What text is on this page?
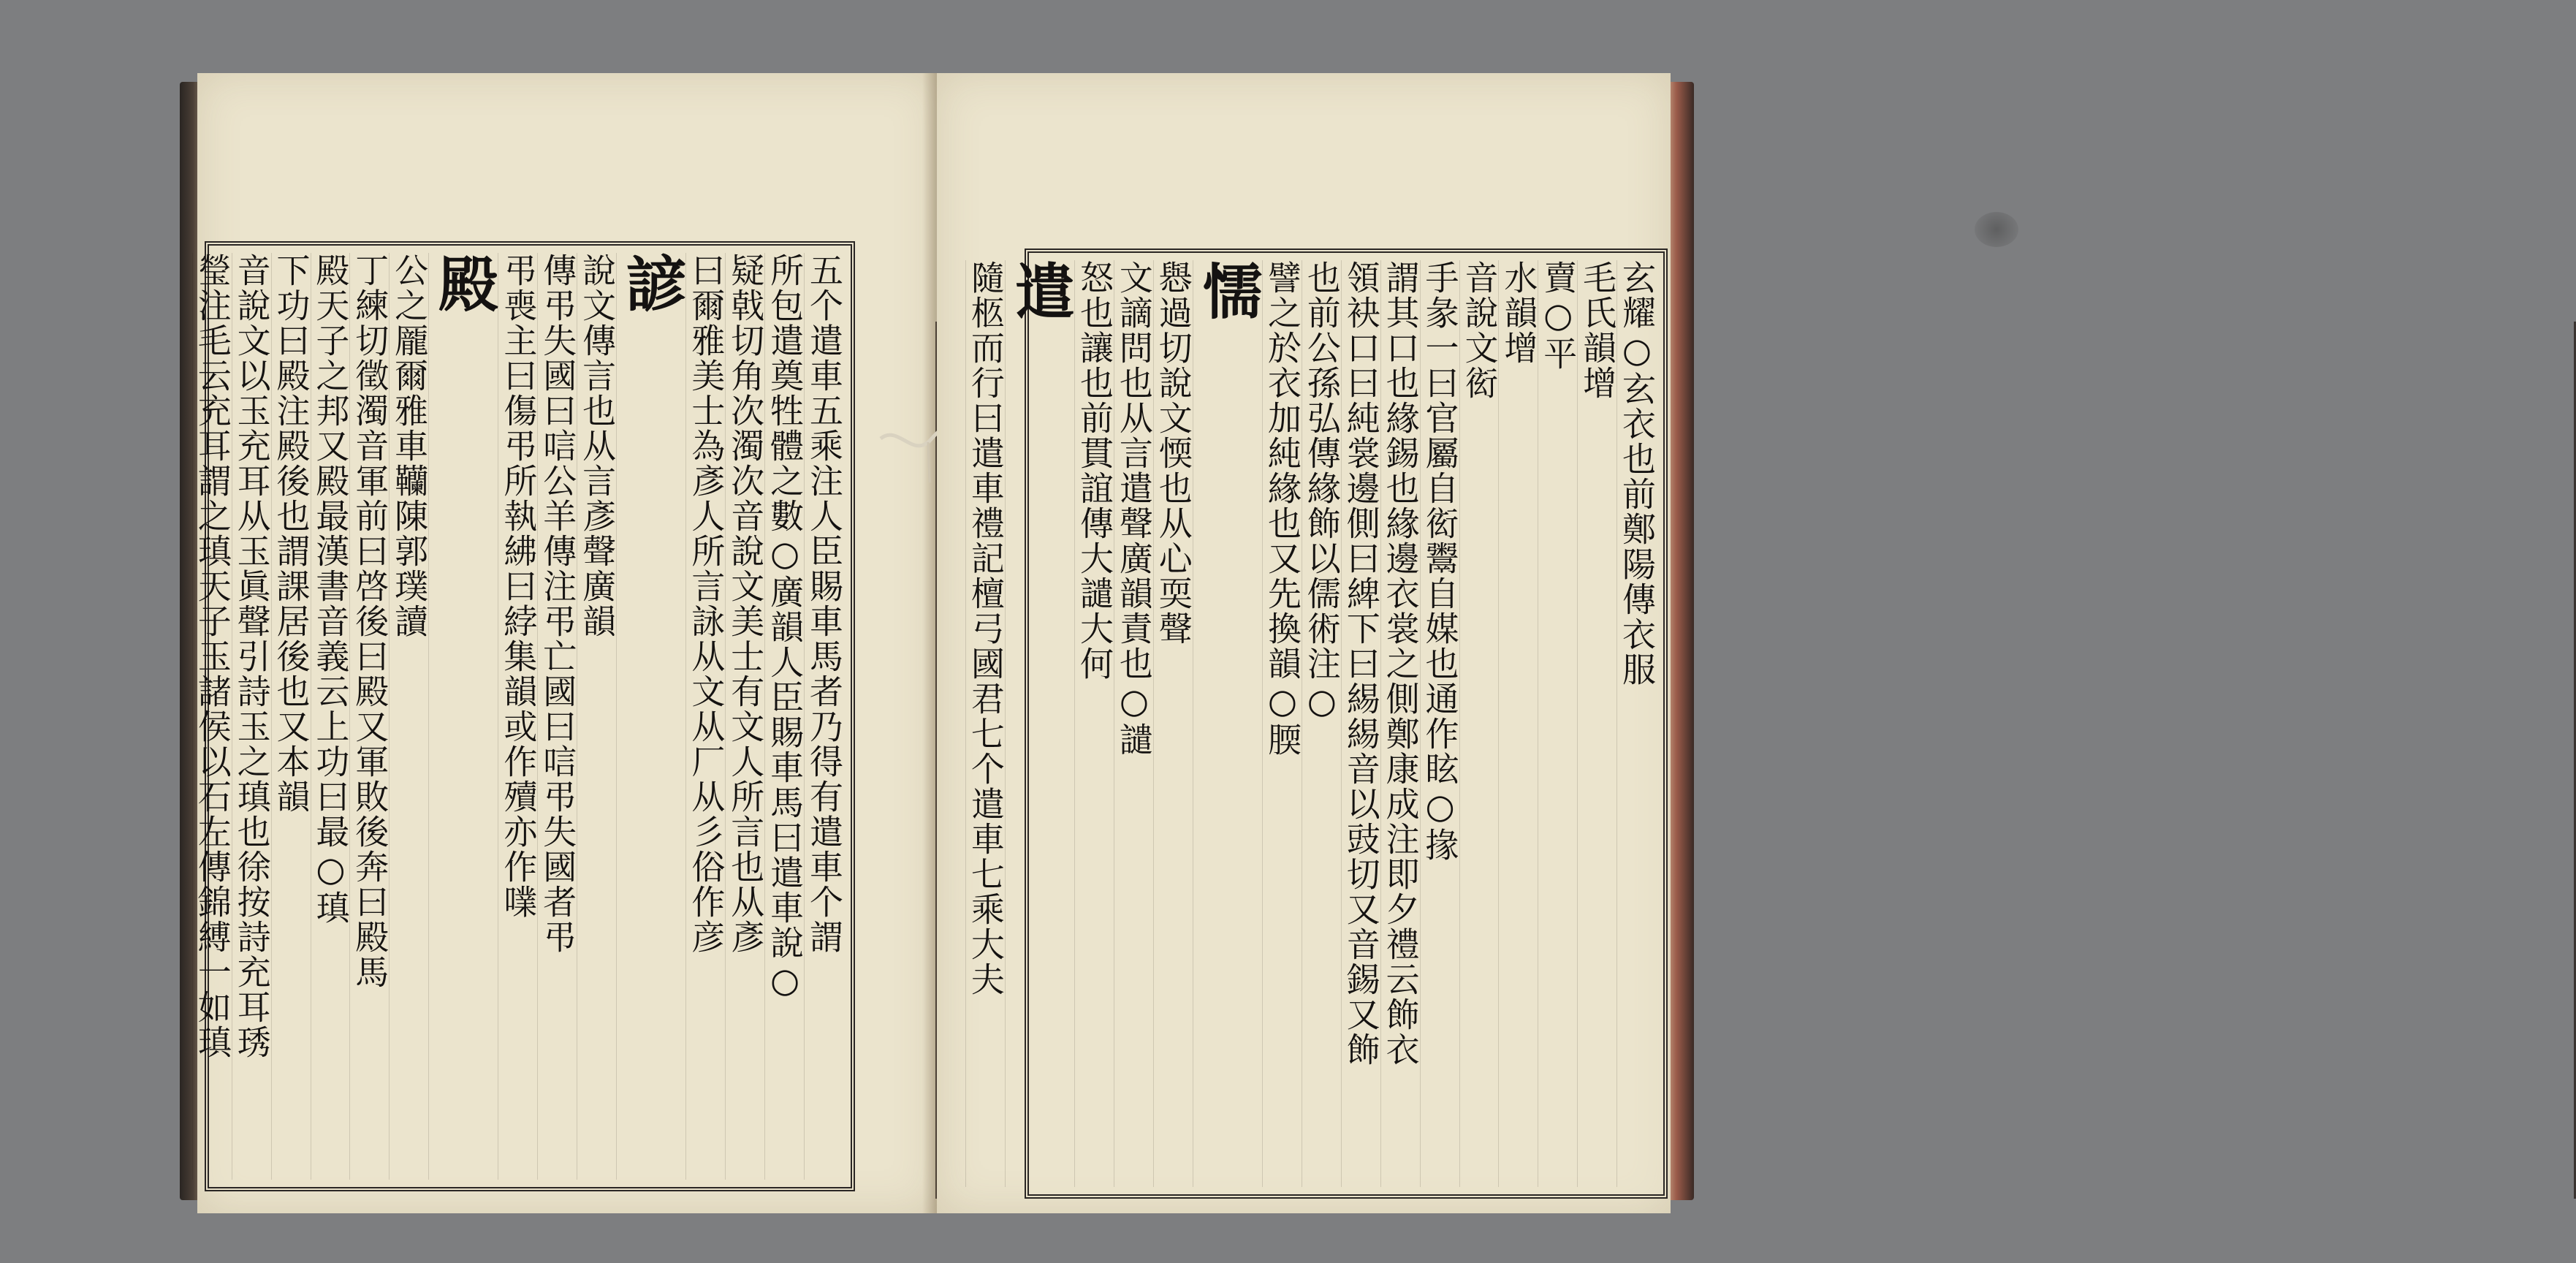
五个遣車五乘注人臣賜車馬者乃得有遣車个謂
所包遣奠牲體之數○廣韻人臣賜車馬曰遣車說○
疑戟切角次濁次音說文美士有文人所言也从彥
曰爾雅美士為彥人所言詠从文从厂从彡俗作彦
諺
說文傳言也从言彥聲廣韻
傳弔失國曰唁公羊傳注弔亡國曰唁弔失國者弔
弔喪主曰傷弔所執紼曰綍集韻或作殰亦作㗼
殿
公之龎爾雅車韊陳郭璞讀
丁練切徵濁音軍前曰啓後曰殿又軍敗後奔曰殿馬
殿天子之邦又殿最漢書音義云上功曰最○瑱
下功曰殿注殿後也謂課居後也又本韻
音說文以玉充耳从玉眞聲引詩玉之瑱也徐按詩充耳琇
瑩注毛云充耳謂之瑱天子玉諸侯以石左傳錦縛一如瑱	玄耀○玄衣也前鄭陽傳衣服
毛氏韻增
賣○平
水韻增
音說文衒
手彖一曰官屬自衒鬻自媒也通作眩○掾
謂其口也緣錫也緣邊衣裳之側鄭康成注即夕禮云飾衣
領袂口曰純裳邊側曰綼下曰緆緆音以豉切又音錫又飾
也前公孫弘傳緣飾以儒術注○
譬之於衣加純緣也又先換韻○腝
懦
㦛過切說文愞也从心耎聲
文謫問也从言遣聲廣韻責也○譴
怒也讓也前貫誼傳大譴大何
遣
隨柩而行曰遣車禮記檀弓國君七个遣車七乘大夫
